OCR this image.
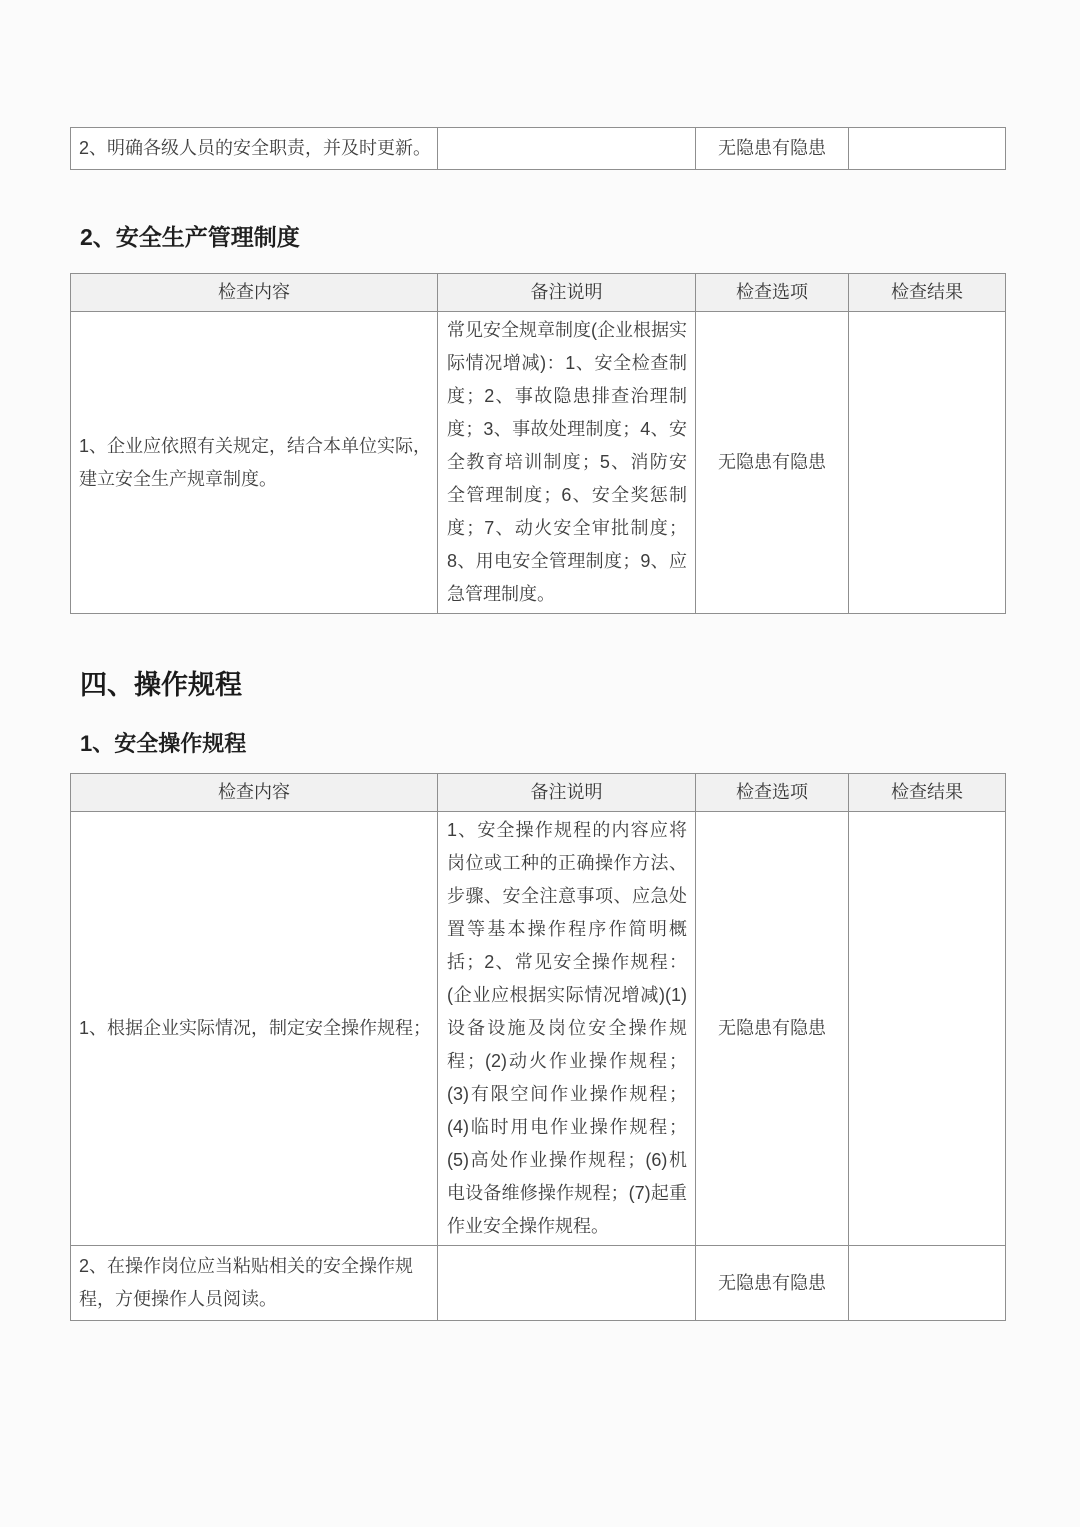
2、明确各级人员的安全职责，并及时更新。		无隐患有隐患	
2、安全生产管理制度
检查内容	备注说明	检查选项	检查结果
1、企业应依照有关规定，结合本单位实际，建立安全生产规章制度。	常见安全规章制度(企业根据实际情况增减)：1、安全检查制度；2、事故隐患排查治理制度；3、事故处理制度；4、安全教育培训制度；5、消防安全管理制度；6、安全奖惩制度；7、动火安全审批制度；8、用电安全管理制度；9、应急管理制度。	无隐患有隐患	
四、操作规程
1、安全操作规程
检查内容	备注说明	检查选项	检查结果
1、根据企业实际情况，制定安全操作规程；	1、安全操作规程的内容应将岗位或工种的正确操作方法、步骤、安全注意事项、应急处置等基本操作程序作简明概括；2、常见安全操作规程：(企业应根据实际情况增减)(1)设备设施及岗位安全操作规程；(2)动火作业操作规程；(3)有限空间作业操作规程；(4)临时用电作业操作规程；(5)高处作业操作规程；(6)机电设备维修操作规程；(7)起重作业安全操作规程。	无隐患有隐患	
2、在操作岗位应当粘贴相关的安全操作规程，方便操作人员阅读。		无隐患有隐患	
